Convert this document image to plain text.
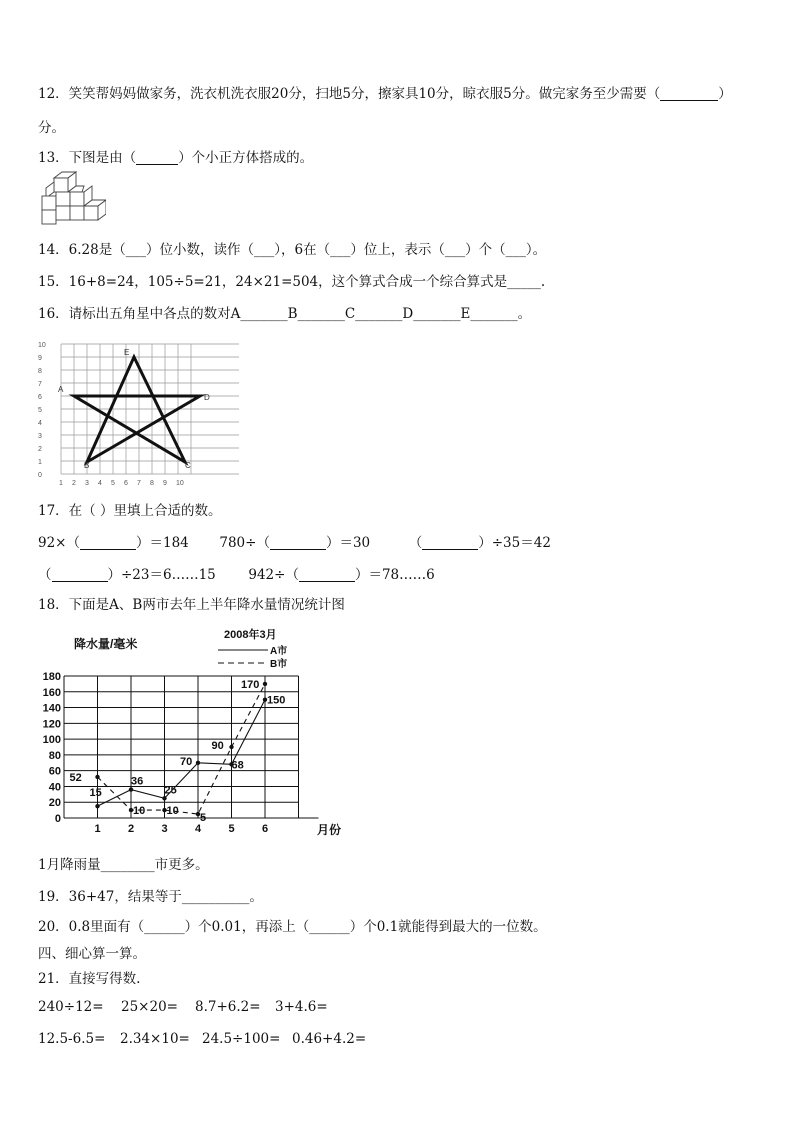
12．笑笑帮妈妈做家务，洗衣机洗衣服20分，扫地5分，擦家具10分，晾衣服5分。做完家务至少需要（	）
分。
13．下图是由（	）个小正方体搭成的。
14．6.28是（___）位小数，读作（___），6在（___）位上，表示（___）个（___）。
15．16+8=24，105÷5=21，24×21=504，这个算式合成一个综合算式是_____.
16．请标出五角星中各点的数对A_______B_______C_______D_______E_______。
0
1
2
3
4
5
6
7
8
9
10
1 2 3 4 5 6 7 8 9 10
A
B	C
D
E
17．在（ ）里填上合适的数。
92×（	）＝184 780÷（	）＝30	（	）÷35＝42
（	）÷23＝6……15 942÷（	）＝78……6
18．下面是A、B两市去年上半年降水量情况统计图
降水量/毫米
2008年3月
A市
B市
0
20
40
60
80
100
120
140
160
180
1 2 3 4 5 6
15
36
25
70	68
150
52
10 10
5
90
170
月份
1月降雨量________市更多。
19．36+47，结果等于__________。
20．0.8里面有（______）个0.01，再添上（______）个0.1就能得到最大的一位数。
四、细心算一算。
21．直接写得数.
240÷12= 25×20= 8.7+6.2= 3+4.6=
12.5-6.5= 2.34×10= 24.5÷100= 0.46+4.2=
